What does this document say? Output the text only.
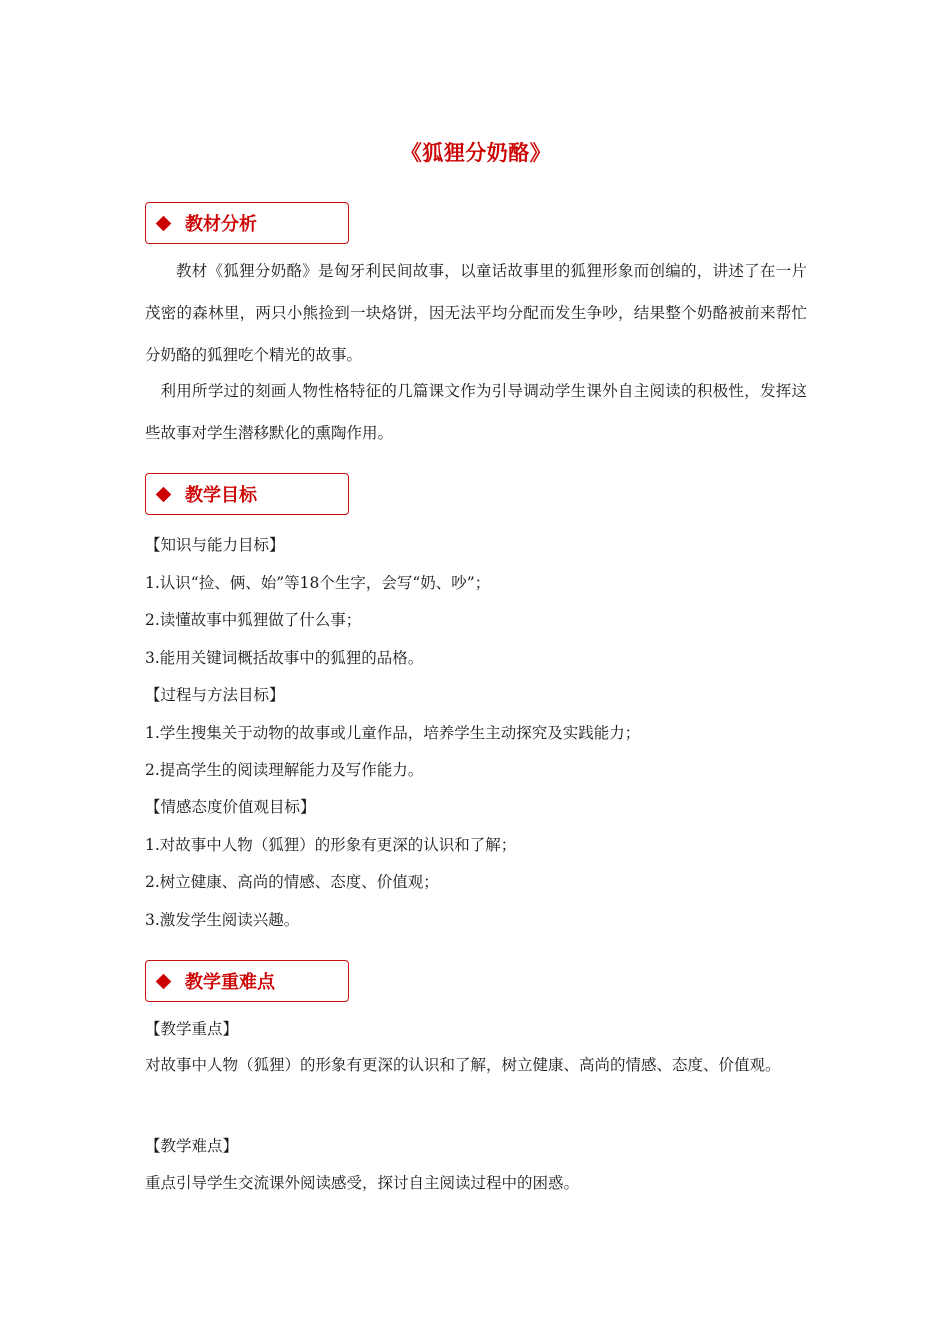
《狐狸分奶酪》
教材分析

教材《狐狸分奶酪》是匈牙利民间故事，以童话故事里的狐狸形象而创编的，讲述了在一片茂密的森林里，两只小熊捡到一块烙饼，因无法平均分配而发生争吵，结果整个奶酪被前来帮忙分奶酪的狐狸吃个精光的故事。

利用所学过的刻画人物性格特征的几篇课文作为引导调动学生课外自主阅读的积极性，发挥这些故事对学生潜移默化的熏陶作用。

教学目标

【知识与能力目标】

1.认识“捡、俩、始”等18个生字，会写“奶、吵”；

2.读懂故事中狐狸做了什么事；

3.能用关键词概括故事中的狐狸的品格。

【过程与方法目标】

1.学生搜集关于动物的故事或儿童作品，培养学生主动探究及实践能力；

2.提高学生的阅读理解能力及写作能力。

【情感态度价值观目标】

1.对故事中人物（狐狸）的形象有更深的认识和了解；

2.树立健康、高尚的情感、态度、价值观；

3.激发学生阅读兴趣。

教学重难点

【教学重点】

对故事中人物（狐狸）的形象有更深的认识和了解，树立健康、高尚的情感、态度、价值观。

【教学难点】

重点引导学生交流课外阅读感受，探讨自主阅读过程中的困惑。
